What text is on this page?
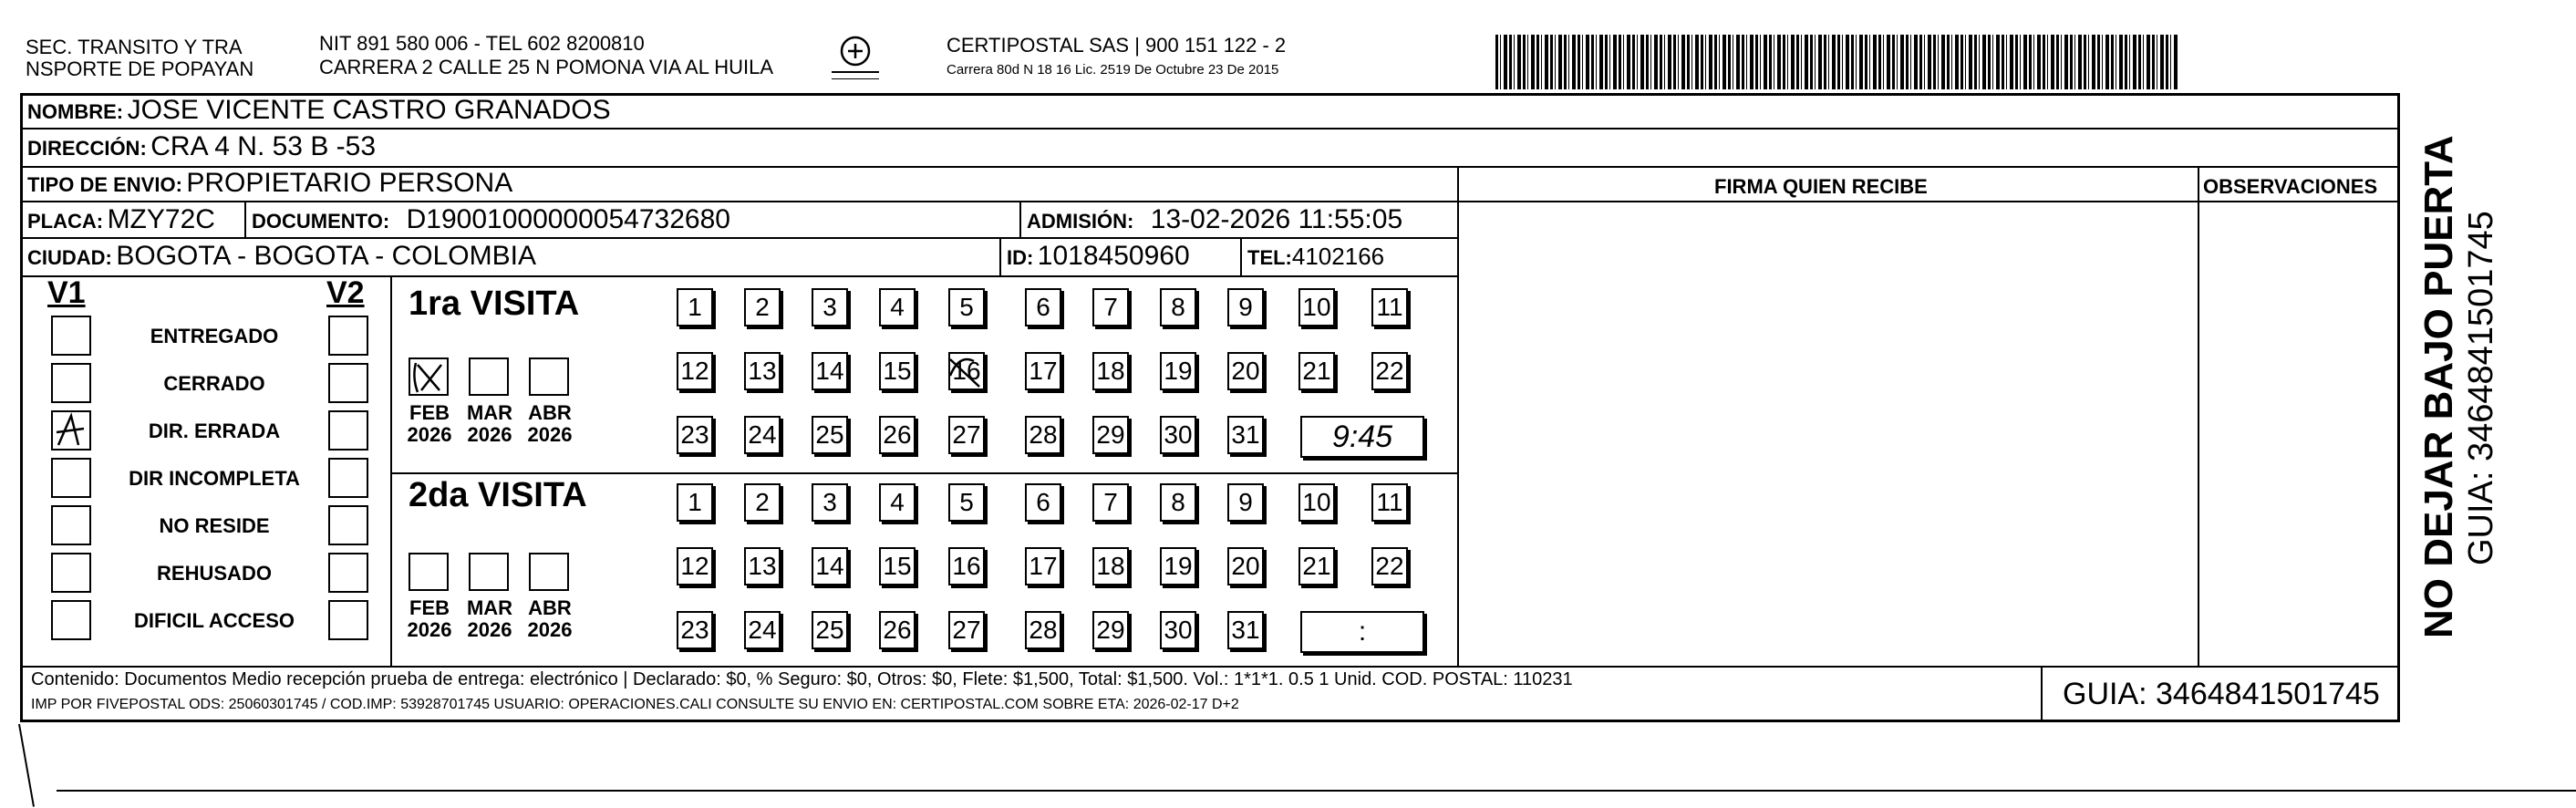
SEC. TRANSITO Y TRA
NSPORTE DE POPAYAN
NIT 891 580 006 - TEL 602 8200810
CARRERA 2 CALLE 25 N POMONA VIA AL HUILA
CERTIPOSTAL SAS | 900 151 122 - 2
Carrera 80d N 18 16 Lic. 2519 De Octubre 23 De 2015
NOMBRE: JOSE VICENTE CASTRO GRANADOS
DIRECCIÓN: CRA 4 N. 53 B -53
TIPO DE ENVIO: PROPIETARIO PERSONA	FIRMA QUIEN RECIBE	OBSERVACIONES
PLACA: MZY72C DOCUMENTO: D19001000000054732680	ADMISIÓN: 13-02-2026 11:55:05
CIUDAD: BOGOTA - BOGOTA - COLOMBIA	ID: 1018450960	TEL:4102166
V1	V2
ENTREGADO
CERRADO
DIR. ERRADA
DIR INCOMPLETA
NO RESIDE
REHUSADO
DIFICIL ACCESO
1ra VISITA
2da VISITA
FEB
2026
MAR
2026
ABR
2026
1	2	3	4	5	6	7	8	9	10 11
12 13 14 15 16 17 18 19 20 21 22
23 24 25 26 27 28 29 30 31	9:45
FEB
2026
MAR
2026
ABR
2026
1	2	3	4	5	6	7	8	9	10 11
12 13 14 15 16 17 18 19 20 21 22
23 24 25 26 27 28 29 30 31	:
Contenido: Documentos Medio recepción prueba de entrega: electrónico | Declarado: $0, % Seguro: $0, Otros: $0, Flete: $1,500, Total: $1,500. Vol.: 1*1*1. 0.5 1 Unid. COD. POSTAL: 110231
IMP POR FIVEPOSTAL ODS: 25060301745 / COD.IMP: 53928701745 USUARIO: OPERACIONES.CALI CONSULTE SU ENVIO EN: CERTIPOSTAL.COM SOBRE ETA: 2026-02-17 D+2	GUIA: 3464841501745
NO DEJAR BAJO PUERTA GUIA: 3464841501745
